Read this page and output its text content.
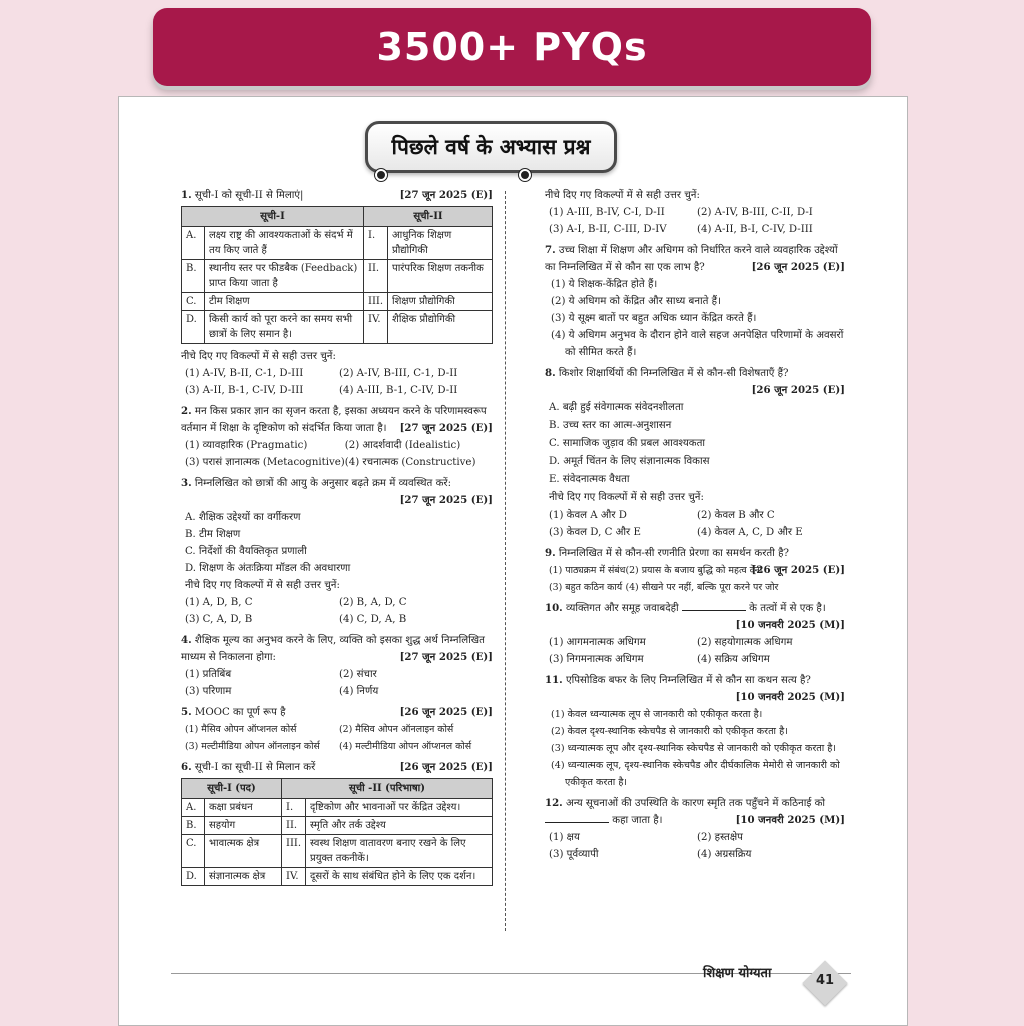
3500+ PYQs
पिछले वर्ष के अभ्यास प्रश्न
1. सूची-I को सूची-II से मिलाएं|	[27 जून 2025 (E)]
सूची-I		सूची-II	
A.	लक्ष्य राष्ट्र की आवश्यकताओं के संदर्भ में तय किए जाते हैं	I.	आधुनिक शिक्षण प्रौद्योगिकी
B.	स्थानीय स्तर पर फीडबैक (Feedback) प्राप्त किया जाता है	II.	पारंपरिक शिक्षण तकनीक
C.	टीम शिक्षण	III.	शिक्षण प्रौद्योगिकी
D.	किसी कार्य को पूरा करने का समय सभी छात्रों के लिए समान है।	IV.	शैक्षिक प्रौद्योगिकी
नीचे दिए गए विकल्पों में से सही उत्तर चुनें:
(1) A-IV, B-II, C-1, D-III	(2) A-IV, B-III, C-1, D-II
(3) A-II, B-1, C-IV, D-III	(4) A-III, B-1, C-IV, D-II
2. मन किस प्रकार ज्ञान का सृजन करता है, इसका अध्ययन करने के परिणामस्वरूप वर्तमान में शिक्षा के दृष्टिकोण को संदर्भित किया जाता है। [27 जून 2025 (E)]
(1) व्यावहारिक (Pragmatic)	(2) आदर्शवादी (Idealistic)
(3) परासं ज्ञानात्मक (Metacognitive) (4) रचनात्मक (Constructive)
3. निम्नलिखित को छात्रों की आयु के अनुसार बढ़ते क्रम में व्यवस्थित करें:
[27 जून 2025 (E)]
A. शैक्षिक उद्देश्यों का वर्गीकरण
B. टीम शिक्षण
C. निर्देशों की वैयक्तिकृत प्रणाली
D. शिक्षण के अंतःक्रिया मॉडल की अवधारणा
नीचे दिए गए विकल्पों में से सही उत्तर चुनें:
(1) A, D, B, C	(2) B, A, D, C
(3) C, A, D, B	(4) C, D, A, B
4. शैक्षिक मूल्य का अनुभव करने के लिए, व्यक्ति को इसका शुद्ध अर्थ निम्नलिखित माध्यम से निकालना होगा:	[27 जून 2025 (E)]
(1) प्रतिबिंब	(2) संचार
(3) परिणाम	(4) निर्णय
5. MOOC का पूर्ण रूप है	[26 जून 2025 (E)]
(1) मैसिव ओपन ऑप्शनल कोर्स	(2) मैसिव ओपन ऑनलाइन कोर्स
(3) मल्टीमीडिया ओपन ऑनलाइन कोर्स	(4) मल्टीमीडिया ओपन ऑप्शनल कोर्स
6. सूची-I का सूची-II से मिलान करें	[26 जून 2025 (E)]
सूची-I (पद)		सूची -II (परिभाषा)	
A.	कक्षा प्रबंधन	I.	दृष्टिकोण और भावनाओं पर केंद्रित उद्देश्य।
B.	सहयोग	II.	स्मृति और तर्क उद्देश्य
C.	भावात्मक क्षेत्र	III.	स्वस्थ शिक्षण वातावरण बनाए रखने के लिए प्रयुक्त तकनीकें।
D.	संज्ञानात्मक क्षेत्र	IV.	दूसरों के साथ संबंधित होने के लिए एक दर्शन।
नीचे दिए गए विकल्पों में से सही उत्तर चुनें:
(1) A-III, B-IV, C-I, D-II	(2) A-IV, B-III, C-II, D-I
(3) A-I, B-II, C-III, D-IV	(4) A-II, B-I, C-IV, D-III
7. उच्च शिक्षा में शिक्षण और अधिगम को निर्धारित करने वाले व्यवहारिक उद्देश्यों का निम्नलिखित में से कौन सा एक लाभ है?	[26 जून 2025 (E)]
(1) ये शिक्षक-केंद्रित होते हैं।
(2) ये अधिगम को केंद्रित और साध्य बनाते हैं।
(3) ये सूक्ष्म बातों पर बहुत अधिक ध्यान केंद्रित करते हैं।
(4) ये अधिगम अनुभव के दौरान होने वाले सहज अनपेक्षित परिणामों के अवसरों को सीमित करते हैं।
8. किशोर शिक्षार्थियों की निम्नलिखित में से कौन-सी विशेषताएँ हैं?
[26 जून 2025 (E)]
A. बढ़ी हुई संवेगात्मक संवेदनशीलता
B. उच्च स्तर का आत्म-अनुशासन
C. सामाजिक जुड़ाव की प्रबल आवश्यकता
D. अमूर्त चिंतन के लिए संज्ञानात्मक विकास
E. संवेदनात्मक वैधता
नीचे दिए गए विकल्पों में से सही उत्तर चुनें:
(1) केवल A और D	(2) केवल B और C
(3) केवल D, C और E	(4) केवल A, C, D और E
9. निम्नलिखित में से कौन-सी रणनीति प्रेरणा का समर्थन करती है?
[26 जून 2025 (E)]
(1) पाठ्यक्रम में संबंध (2) प्रयास के बजाय बुद्धि को महत्व देना
(3) बहुत कठिन कार्य (4) सीखने पर नहीं, बल्कि पूरा करने पर जोर
10. व्यक्तिगत और समूह जवाबदेही	के तत्वों में से एक है।
[10 जनवरी 2025 (M)]
(1) आगमनात्मक अधिगम	(2) सहयोगात्मक अधिगम
(3) निगमनात्मक अधिगम	(4) सक्रिय अधिगम
11. एपिसोडिक बफर के लिए निम्नलिखित में से कौन सा कथन सत्य है?
[10 जनवरी 2025 (M)]
(1) केवल ध्वन्यात्मक लूप से जानकारी को एकीकृत करता है।
(2) केवल दृश्य-स्थानिक स्केचपैड से जानकारी को एकीकृत करता है।
(3) ध्वन्यात्मक लूप और दृश्य-स्थानिक स्केचपैड से जानकारी को एकीकृत करता है।
(4) ध्वन्यात्मक लूप, दृश्य-स्थानिक स्केचपैड और दीर्घकालिक मेमोरी से जानकारी को एकीकृत करता है।
12. अन्य सूचनाओं की उपस्थिति के कारण स्मृति तक पहुँचने में कठिनाई को
कहा जाता है।	[10 जनवरी 2025 (M)]
(1) क्षय	(2) हस्तक्षेप
(3) पूर्वव्यापी	(4) अग्रसक्रिय
शिक्षण योग्यता	41
